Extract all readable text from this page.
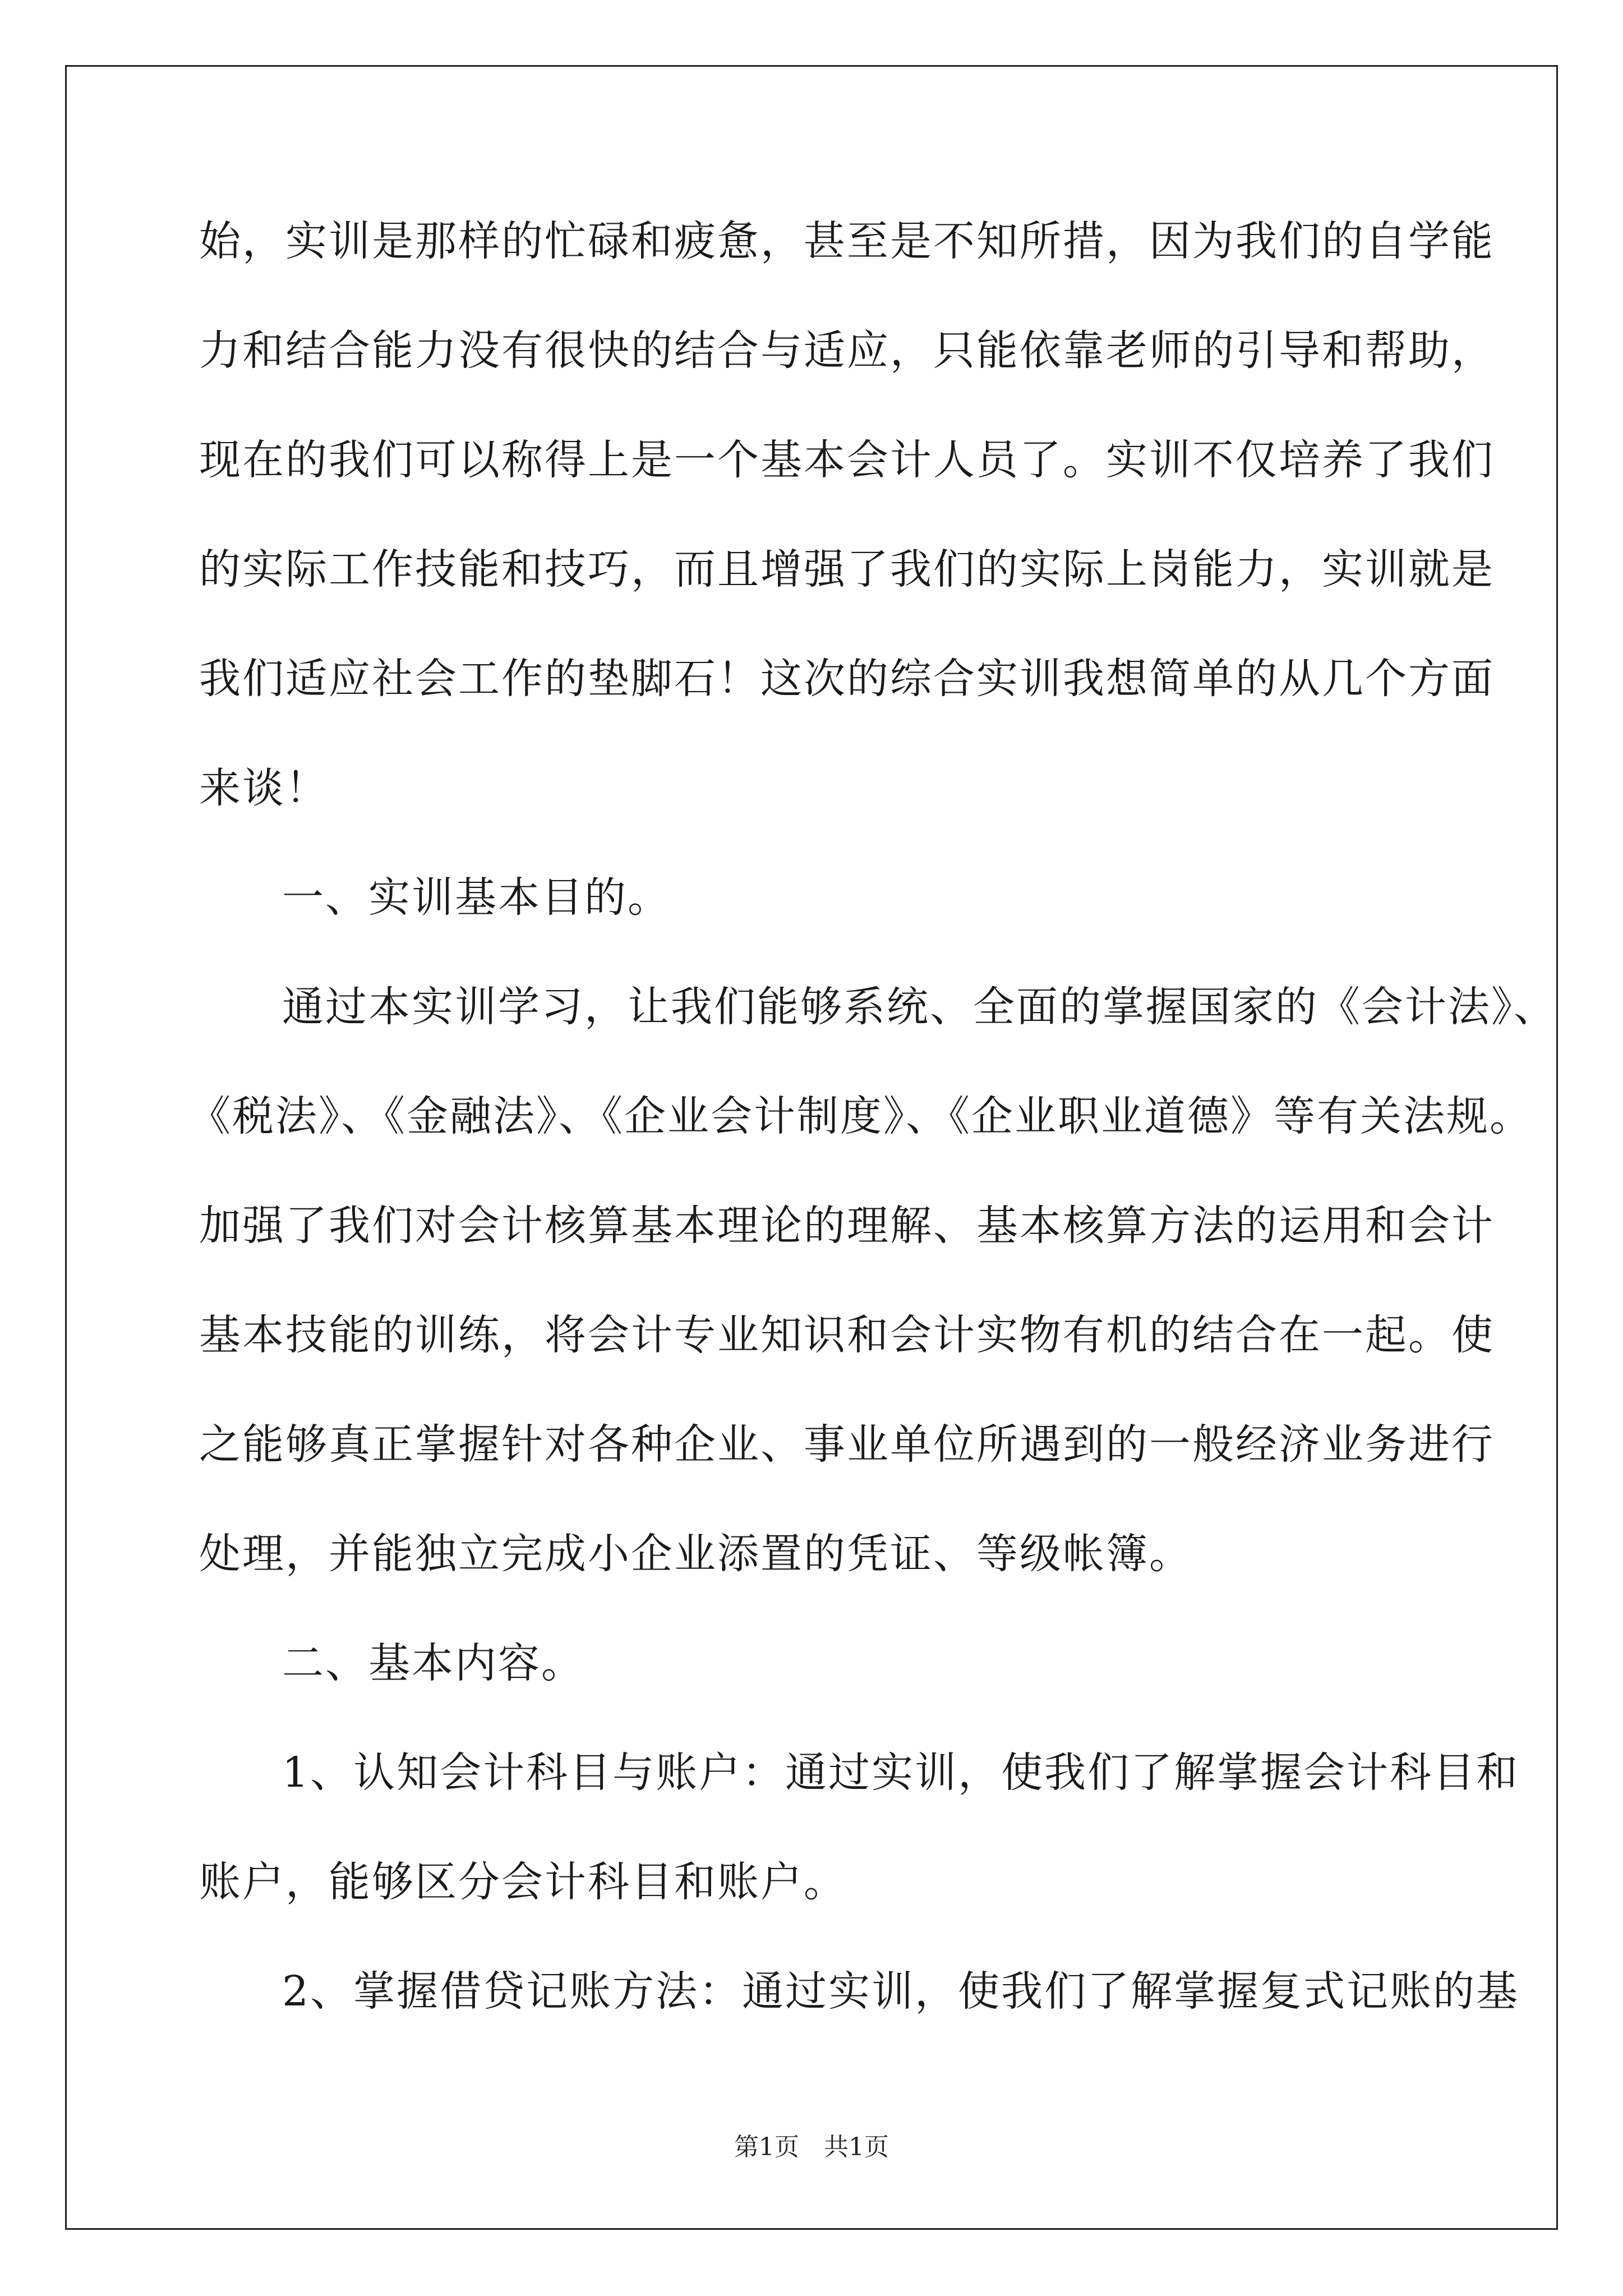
始，实训是那样的忙碌和疲惫，甚至是不知所措，因为我们的自学能
力和结合能力没有很快的结合与适应，只能依靠老师的引导和帮助，
现在的我们可以称得上是一个基本会计人员了。实训不仅培养了我们
的实际工作技能和技巧，而且增强了我们的实际上岗能力，实训就是
我们适应社会工作的垫脚石！这次的综合实训我想简单的从几个方面
来谈！
一、实训基本目的。
通过本实训学习，让我们能够系统、全面的掌握国家的《会计法》、
《税法》、《金融法》、《企业会计制度》、《企业职业道德》等有关法规。
加强了我们对会计核算基本理论的理解、基本核算方法的运用和会计
基本技能的训练，将会计专业知识和会计实物有机的结合在一起。使
之能够真正掌握针对各种企业、事业单位所遇到的一般经济业务进行
处理，并能独立完成小企业添置的凭证、等级帐簿。
二、基本内容。
1、认知会计科目与账户：通过实训，使我们了解掌握会计科目和
账户，能够区分会计科目和账户。
2、掌握借贷记账方法：通过实训，使我们了解掌握复式记账的基
第1页　共1页
